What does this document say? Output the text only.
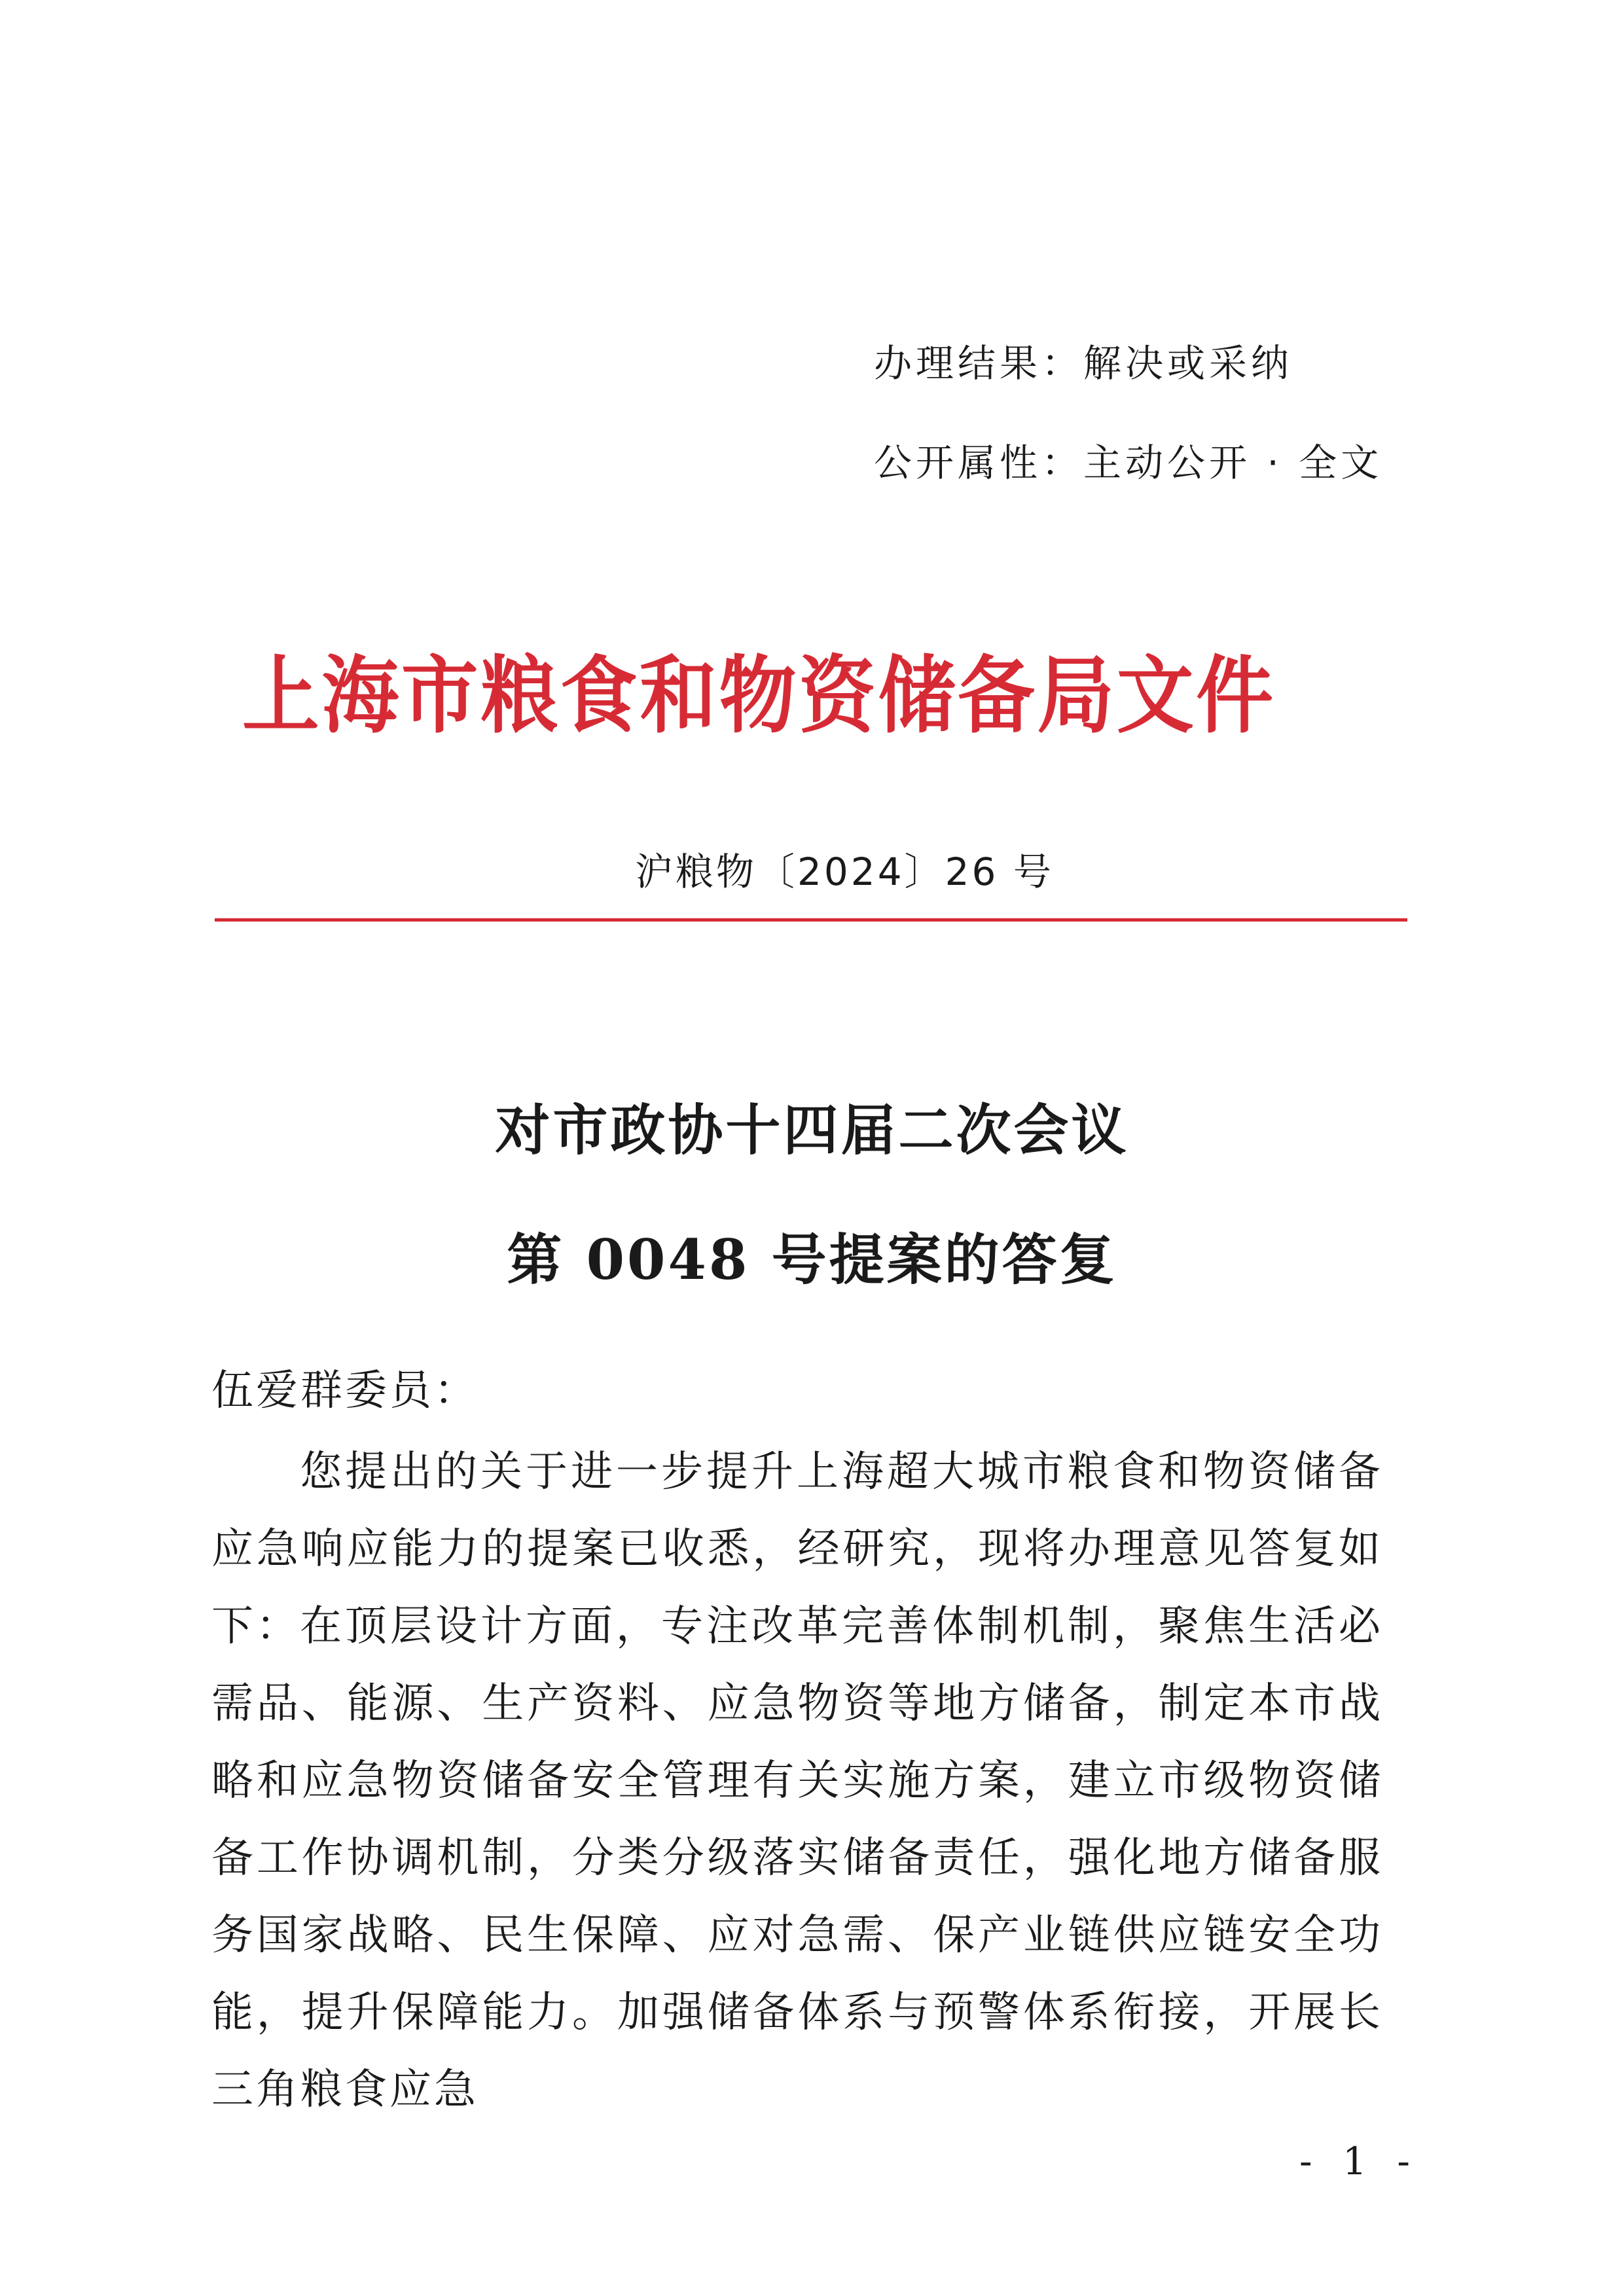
办理结果：解决或采纳
公开属性：主动公开 · 全文
上海市粮食和物资储备局文件
沪粮物〔2024〕26 号
对市政协十四届二次会议
第 0048 号提案的答复
伍爱群委员：
您提出的关于进一步提升上海超大城市粮食和物资储备应急响应能力的提案已收悉，经研究，现将办理意见答复如下： 在顶层设计方面，专注改革完善体制机制，聚焦生活必需品、能源、生产资料、应急物资等地方储备，制定本市战略和应急物资储备安全管理有关实施方案，建立市级物资储备工作协调机制，分类分级落实储备责任，强化地方储备服务国家战略、民生保障、应对急需、保产业链供应链安全功能，提升保障能力。加强储备体系与预警体系衔接，开展长三角粮食应急
- 1 -
